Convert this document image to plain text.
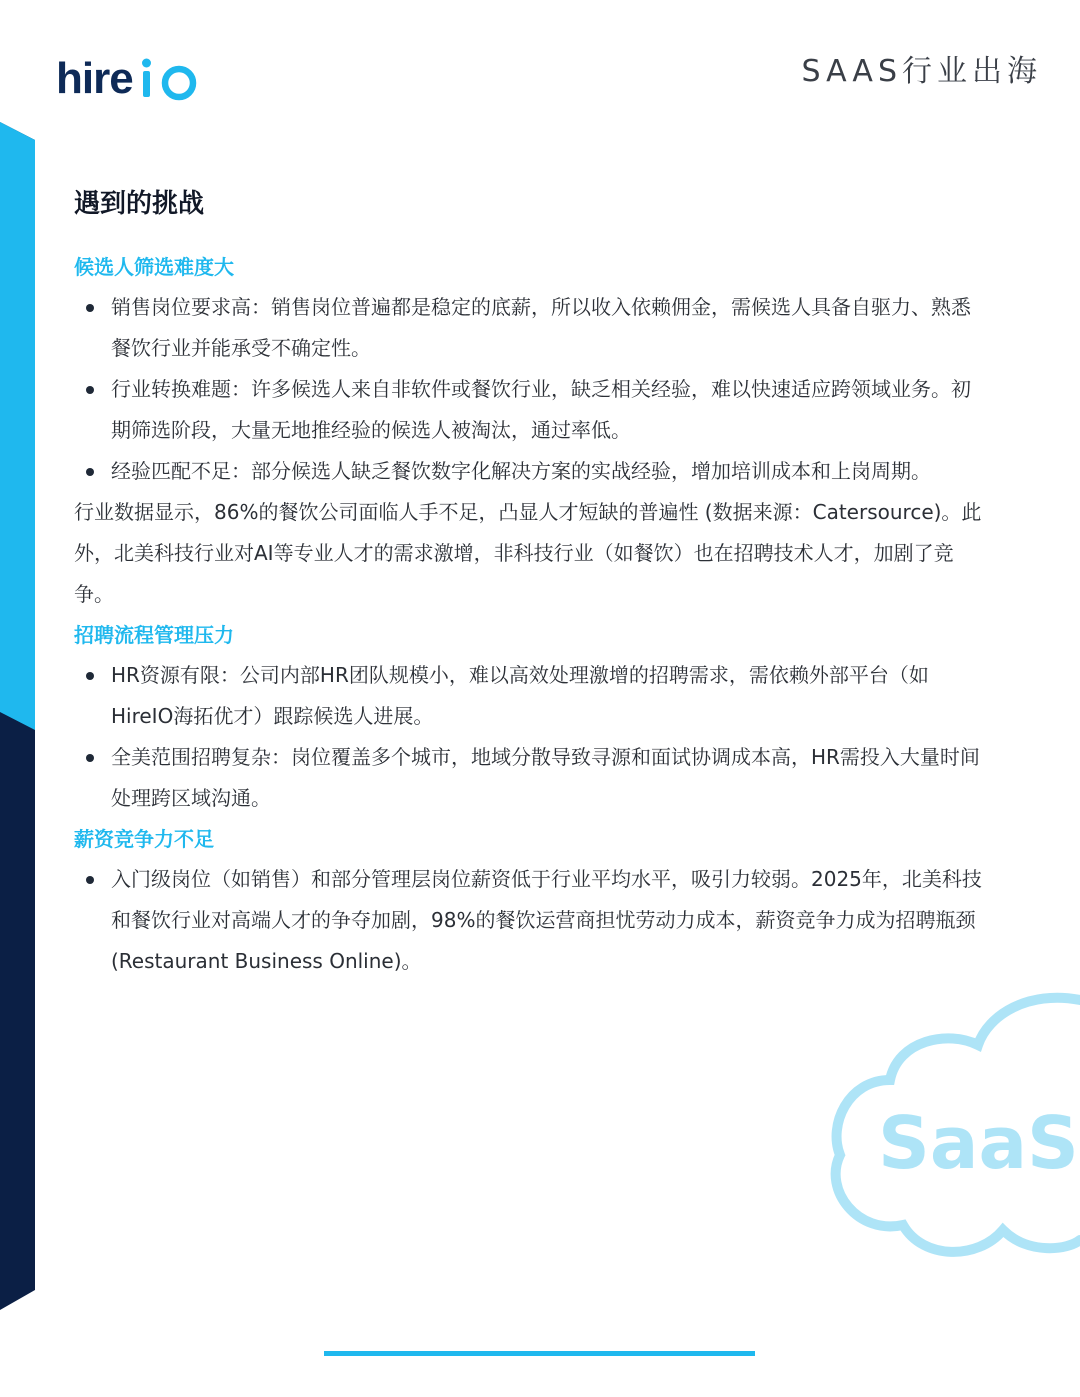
hire	SAAS行业出海
遇到的挑战
候选人筛选难度大
销售岗位要求高：销售岗位普遍都是稳定的底薪，所以收入依赖佣金，需候选人具备自驱力、熟悉餐饮行业并能承受不确定性。
行业转换难题：许多候选人来自非软件或餐饮行业，缺乏相关经验，难以快速适应跨领域业务。初期筛选阶段，大量无地推经验的候选人被淘汰，通过率低。
经验匹配不足：部分候选人缺乏餐饮数字化解决方案的实战经验，增加培训成本和上岗周期。

行业数据显示，86%的餐饮公司面临人手不足，凸显人才短缺的普遍性 (数据来源：Catersource)。此外，北美科技行业对AI等专业人才的需求激增，非科技行业（如餐饮）也在招聘技术人才，加剧了竞争。

招聘流程管理压力
HR资源有限：公司内部HR团队规模小，难以高效处理激增的招聘需求，需依赖外部平台（如HireIO海拓优才）跟踪候选人进展。
全美范围招聘复杂：岗位覆盖多个城市，地域分散导致寻源和面试协调成本高，HR需投入大量时间处理跨区域沟通。
薪资竞争力不足
入门级岗位（如销售）和部分管理层岗位薪资低于行业平均水平，吸引力较弱。2025年，北美科技和餐饮行业对高端人才的争夺加剧，98%的餐饮运营商担忧劳动力成本，薪资竞争力成为招聘瓶颈 (Restaurant Business Online)。
SaaS
